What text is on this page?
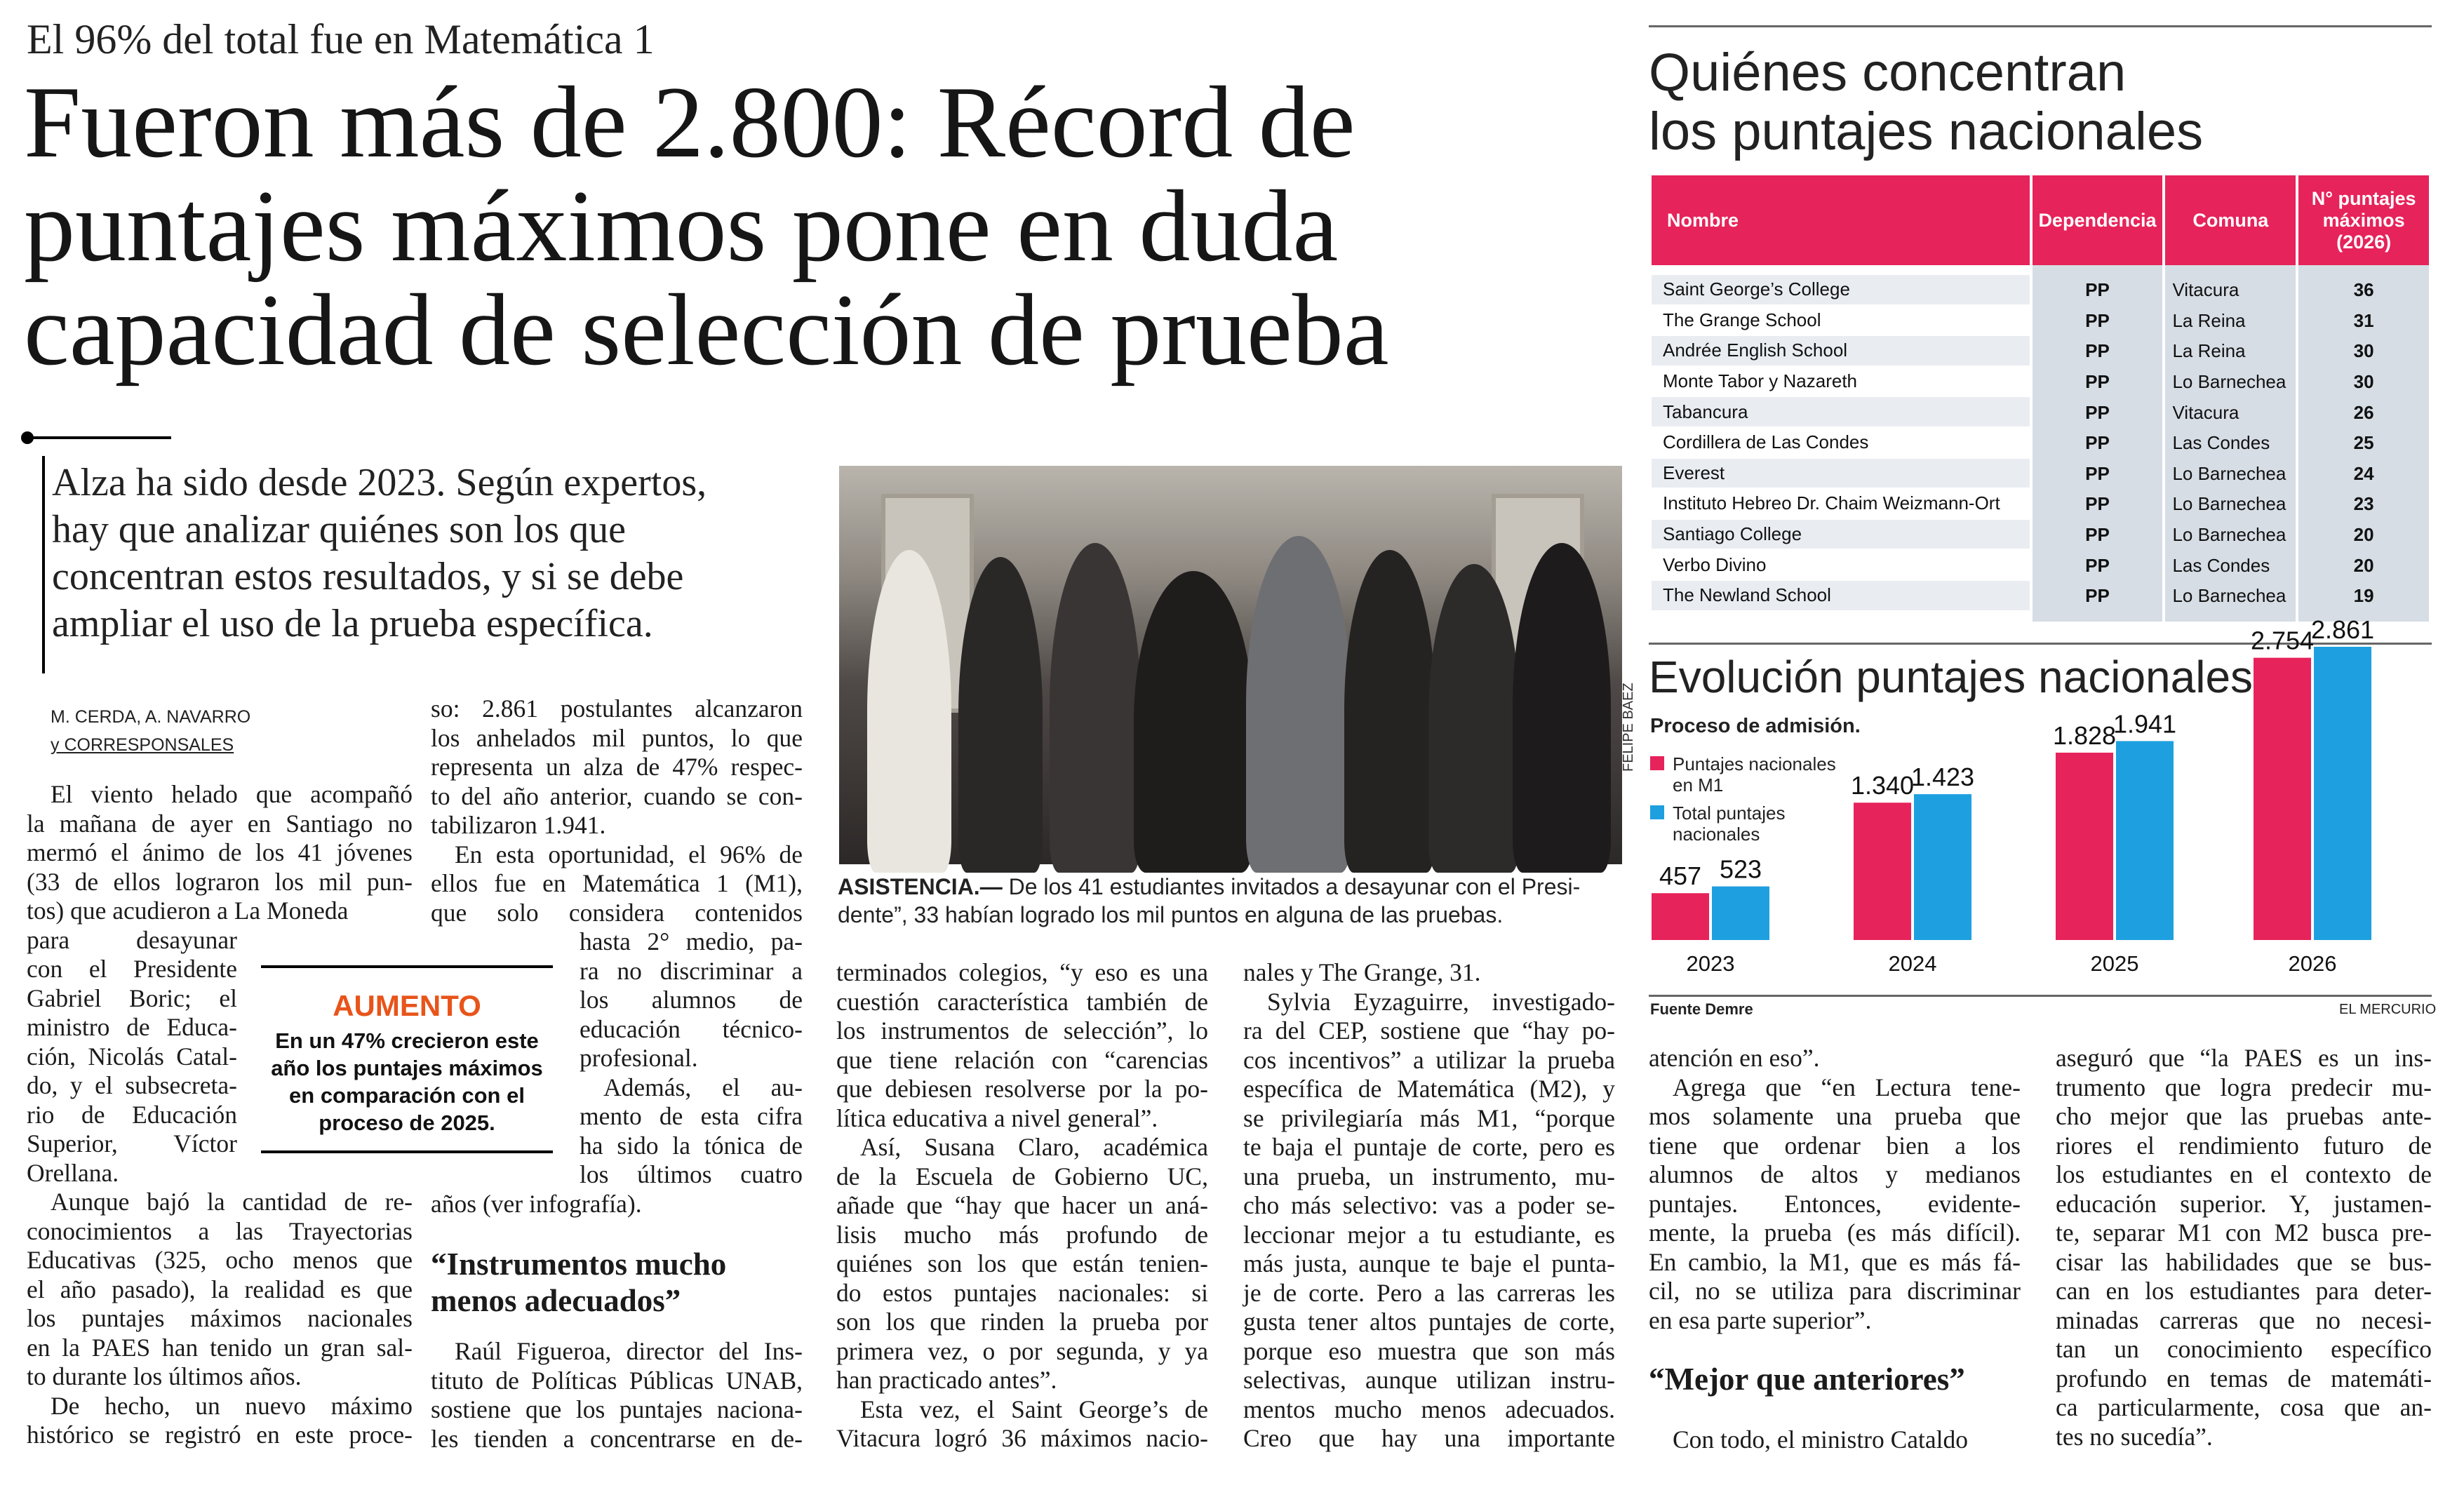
El 96% del total fue en Matemática 1
Fueron más de 2.800: Récord de
puntajes máximos pone en duda
capacidad de selección de prueba
Alza ha sido desde 2023. Según expertos,
hay que analizar quiénes son los que
concentran estos resultados, y si se debe
ampliar el uso de la prueba específica.
M. CERDA, A. NAVARRO
y CORRESPONSALES
El viento helado que acompañó
la mañana de ayer en Santiago no
mermó el ánimo de los 41 jóvenes
(33 de ellos lograron los mil pun-
tos) que acudieron a La Moneda
para desayunar
con el Presidente
Gabriel Boric; el
ministro de Educa-
ción, Nicolás Catal-
do, y el subsecreta-
rio de Educación
Superior, Víctor
Orellana.
Aunque bajó la cantidad de re-
conocimientos a las Trayectorias
Educativas (325, ocho menos que
el año pasado), la realidad es que
los puntajes máximos nacionales
en la PAES han tenido un gran sal-
to durante los últimos años.
De hecho, un nuevo máximo
histórico se registró en este proce-
AUMENTO
En un 47% crecieron este
año los puntajes máximos
en comparación con el
proceso de 2025.
so: 2.861 postulantes alcanzaron
los anhelados mil puntos, lo que
representa un alza de 47% respec-
to del año anterior, cuando se con-
tabilizaron 1.941.
En esta oportunidad, el 96% de
ellos fue en Matemática 1 (M1),
que solo considera contenidos
hasta 2° medio, pa-
ra no discriminar a
los alumnos de
educación técnico-
profesional.
Además, el au-
mento de esta cifra
ha sido la tónica de
los últimos cuatro
años (ver infografía).
“Instrumentos mucho
menos adecuados”
Raúl Figueroa, director del Ins-
tituto de Políticas Públicas UNAB,
sostiene que los puntajes naciona-
les tienden a concentrarse en de-
FELIPE BÁEZ
ASISTENCIA.— De los 41 estudiantes invitados a desayunar con el Presi-
dente”, 33 habían logrado los mil puntos en alguna de las pruebas.
terminados colegios, “y eso es una
cuestión característica también de
los instrumentos de selección”, lo
que tiene relación con “carencias
que debiesen resolverse por la po-
lítica educativa a nivel general”.
Así, Susana Claro, académica
de la Escuela de Gobierno UC,
añade que “hay que hacer un aná-
lisis mucho más profundo de
quiénes son los que están tenien-
do estos puntajes nacionales: si
son los que rinden la prueba por
primera vez, o por segunda, y ya
han practicado antes”.
Esta vez, el Saint George’s de
Vitacura logró 36 máximos nacio-
nales y The Grange, 31.
Sylvia Eyzaguirre, investigado-
ra del CEP, sostiene que “hay po-
cos incentivos” a utilizar la prueba
específica de Matemática (M2), y
se privilegiaría más M1, “porque
te baja el puntaje de corte, pero es
una prueba, un instrumento, mu-
cho más selectivo: vas a poder se-
leccionar mejor a tu estudiante, es
más justa, aunque te baje el punta-
je de corte. Pero a las carreras les
gusta tener altos puntajes de corte,
porque eso muestra que son más
selectivas, aunque utilizan instru-
mentos mucho menos adecuados.
Creo que hay una importante
atención en eso”.
Agrega que “en Lectura tene-
mos solamente una prueba que
tiene que ordenar bien a los
alumnos de altos y medianos
puntajes. Entonces, evidente-
mente, la prueba (es más difícil).
En cambio, la M1, que es más fá-
cil, no se utiliza para discriminar
en esa parte superior”.
“Mejor que anteriores”
Con todo, el ministro Cataldo
aseguró que “la PAES es un ins-
trumento que logra predecir mu-
cho mejor que las pruebas ante-
riores el rendimiento futuro de
los estudiantes en el contexto de
educación superior. Y, justamen-
te, separar M1 con M2 busca pre-
cisar las habilidades que se bus-
can en los estudiantes para deter-
minadas carreras que no necesi-
tan un conocimiento específico
profundo en temas de matemáti-
ca particularmente, cosa que an-
tes no sucedía”.
Quiénes concentran
los puntajes nacionales
Nombre	Dependencia	Comuna	N° puntajes
máximos
(2026)

Saint George’s College	PP	Vitacura	36
The Grange School	PP	La Reina	31
Andrée English School	PP	La Reina	30
Monte Tabor y Nazareth	PP	Lo Barnechea	30
Tabancura	PP	Vitacura	26
Cordillera de Las Condes	PP	Las Condes	25
Everest	PP	Lo Barnechea	24
Instituto Hebreo Dr. Chaim Weizmann-Ort	PP	Lo Barnechea	23
Santiago College	PP	Lo Barnechea	20
Verbo Divino	PP	Las Condes	20
The Newland School	PP	Lo Barnechea	19

Evolución puntajes nacionales
Proceso de admisión.
Puntajes nacionales
en M1
Total puntajes
nacionales
457 523
2023
1.340
1.423
2024
1.828
1.941
2025
2.754
2.861
2026
Fuente Demre	EL MERCURIO
